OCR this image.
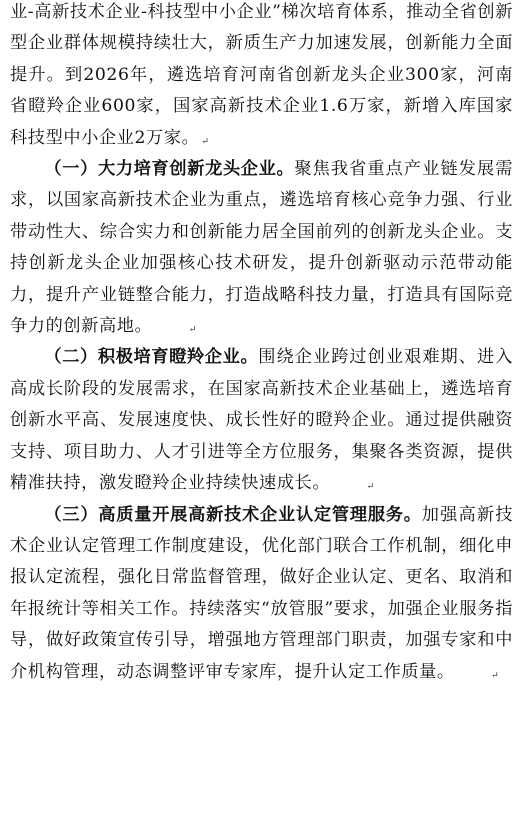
业-高新技术企业-科技型中小企业”梯次培育体系，推动全省创新型企业群体规模持续壮大，新质生产力加速发展，创新能力全面提升。到2026年，遴选培育河南省创新龙头企业300家，河南省瞪羚企业600家，国家高新技术企业1.6万家，新增入库国家科技型中小企业2万家。 ↵

（一）大力培育创新龙头企业。聚焦我省重点产业链发展需求，以国家高新技术企业为重点，遴选培育核心竞争力强、行业带动性大、综合实力和创新能力居全国前列的创新龙头企业。支持创新龙头企业加强核心技术研发，提升创新驱动示范带动能力，提升产业链整合能力，打造战略科技力量，打造具有国际竞争力的创新高地。	↵

（二）积极培育瞪羚企业。围绕企业跨过创业艰难期、进入高成长阶段的发展需求，在国家高新技术企业基础上，遴选培育创新水平高、发展速度快、成长性好的瞪羚企业。通过提供融资支持、项目助力、人才引进等全方位服务，集聚各类资源，提供精准扶持，激发瞪羚企业持续快速成长。	↵

（三）高质量开展高新技术企业认定管理服务。加强高新技术企业认定管理工作制度建设，优化部门联合工作机制，细化申报认定流程，强化日常监督管理，做好企业认定、更名、取消和年报统计等相关工作。持续落实“放管服”要求，加强企业服务指导，做好政策宣传引导，增强地方管理部门职责，加强专家和中介机构管理，动态调整评审专家库，提升认定工作质量。	↵
